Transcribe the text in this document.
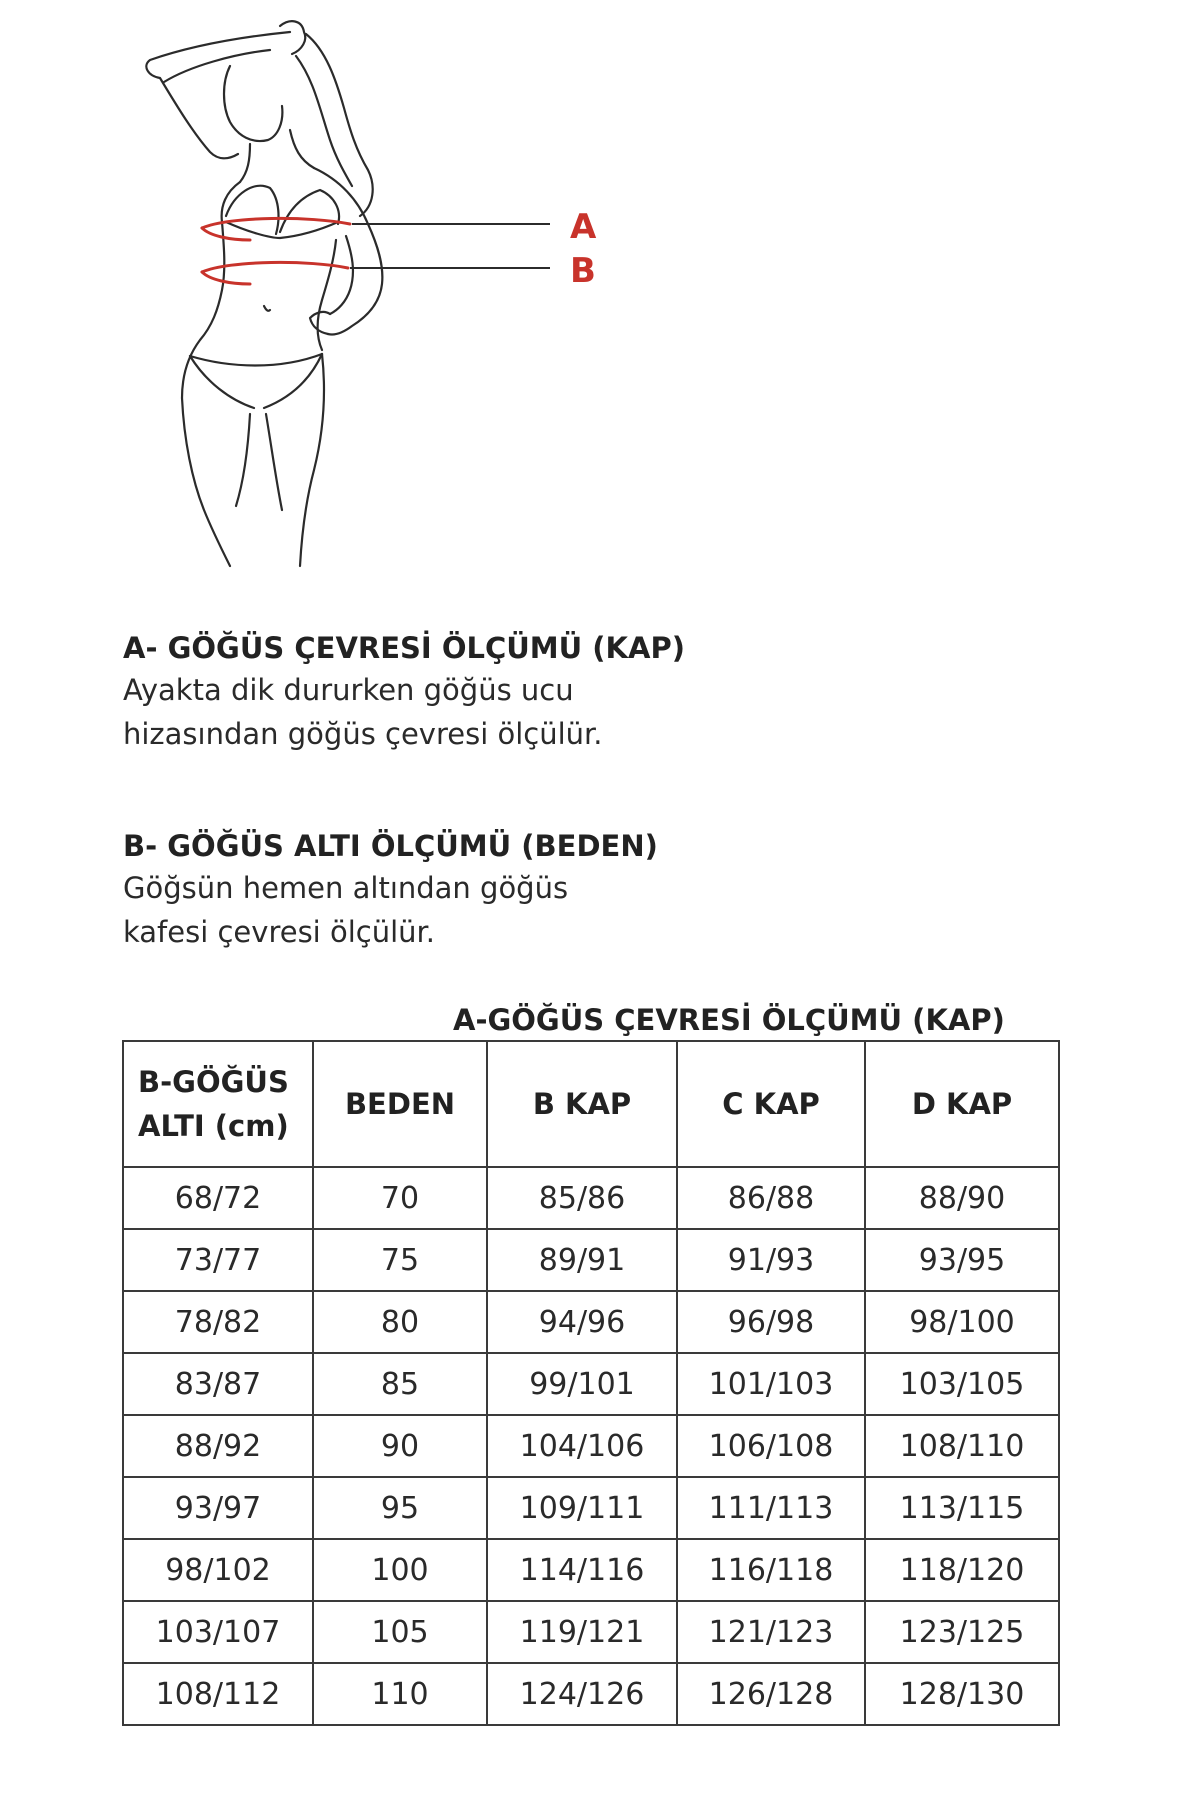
A
B
A- GÖĞÜS ÇEVRESİ ÖLÇÜMÜ (KAP)
Ayakta dik dururken göğüs ucu
hizasından göğüs çevresi ölçülür.
B- GÖĞÜS ALTI ÖLÇÜMÜ (BEDEN)
Göğsün hemen altından göğüs
kafesi çevresi ölçülür.
A-GÖĞÜS ÇEVRESİ ÖLÇÜMÜ (KAP)
B-GÖĞÜS
ALTI (cm)	BEDEN	B KAP	C KAP	D KAP
68/72	70	85/86	86/88	88/90
73/77	75	89/91	91/93	93/95
78/82	80	94/96	96/98	98/100
83/87	85	99/101	101/103	103/105
88/92	90	104/106	106/108	108/110
93/97	95	109/111	111/113	113/115
98/102	100	114/116	116/118	118/120
103/107	105	119/121	121/123	123/125
108/112	110	124/126	126/128	128/130
